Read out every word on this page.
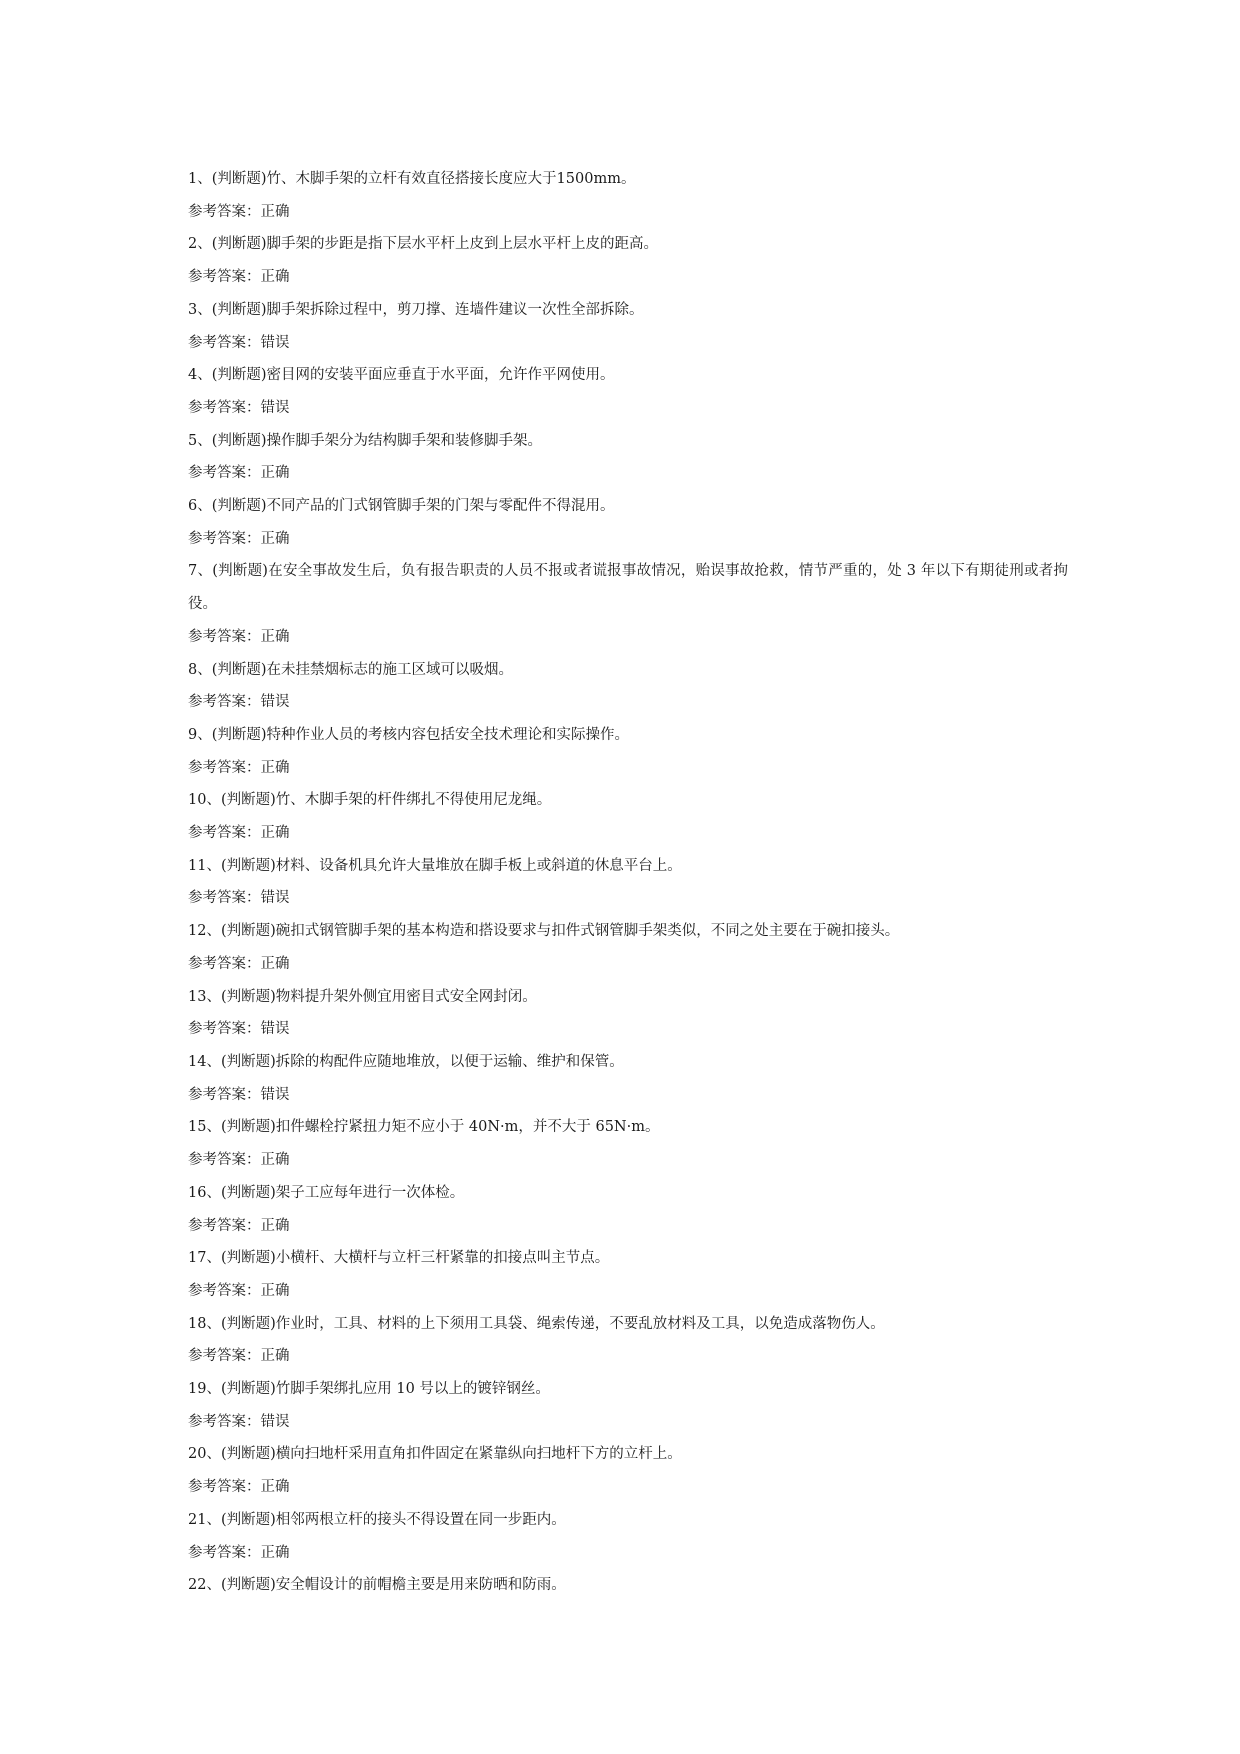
1、(判断题)竹、木脚手架的立杆有效直径搭接长度应大于1500mm。

参考答案：正确

2、(判断题)脚手架的步距是指下层水平杆上皮到上层水平杆上皮的距高。

参考答案：正确

3、(判断题)脚手架拆除过程中，剪刀撑、连墙件建议一次性全部拆除。

参考答案：错误

4、(判断题)密目网的安装平面应垂直于水平面，允许作平网使用。

参考答案：错误

5、(判断题)操作脚手架分为结构脚手架和装修脚手架。

参考答案：正确

6、(判断题)不同产品的门式钢管脚手架的门架与零配件不得混用。

参考答案：正确

7、(判断题)在安全事故发生后，负有报告职责的人员不报或者谎报事故情况，贻误事故抢救，情节严重的，处 3 年以下有期徒刑或者拘役。

参考答案：正确

8、(判断题)在未挂禁烟标志的施工区域可以吸烟。

参考答案：错误

9、(判断题)特种作业人员的考核内容包括安全技术理论和实际操作。

参考答案：正确

10、(判断题)竹、木脚手架的杆件绑扎不得使用尼龙绳。

参考答案：正确

11、(判断题)材料、设备机具允许大量堆放在脚手板上或斜道的休息平台上。

参考答案：错误

12、(判断题)碗扣式钢管脚手架的基本构造和搭设要求与扣件式钢管脚手架类似，不同之处主要在于碗扣接头。

参考答案：正确

13、(判断题)物料提升架外侧宜用密目式安全网封闭。

参考答案：错误

14、(判断题)拆除的构配件应随地堆放，以便于运输、维护和保管。

参考答案：错误

15、(判断题)扣件螺栓拧紧扭力矩不应小于 40N·m，并不大于 65N·m。

参考答案：正确

16、(判断题)架子工应每年进行一次体检。

参考答案：正确

17、(判断题)小横杆、大横杆与立杆三杆紧靠的扣接点叫主节点。

参考答案：正确

18、(判断题)作业时，工具、材料的上下须用工具袋、绳索传递，不要乱放材料及工具，以免造成落物伤人。

参考答案：正确

19、(判断题)竹脚手架绑扎应用 10 号以上的镀锌钢丝。

参考答案：错误

20、(判断题)横向扫地杆采用直角扣件固定在紧靠纵向扫地杆下方的立杆上。

参考答案：正确

21、(判断题)相邻两根立杆的接头不得设置在同一步距内。

参考答案：正确

22、(判断题)安全帽设计的前帽檐主要是用来防晒和防雨。
